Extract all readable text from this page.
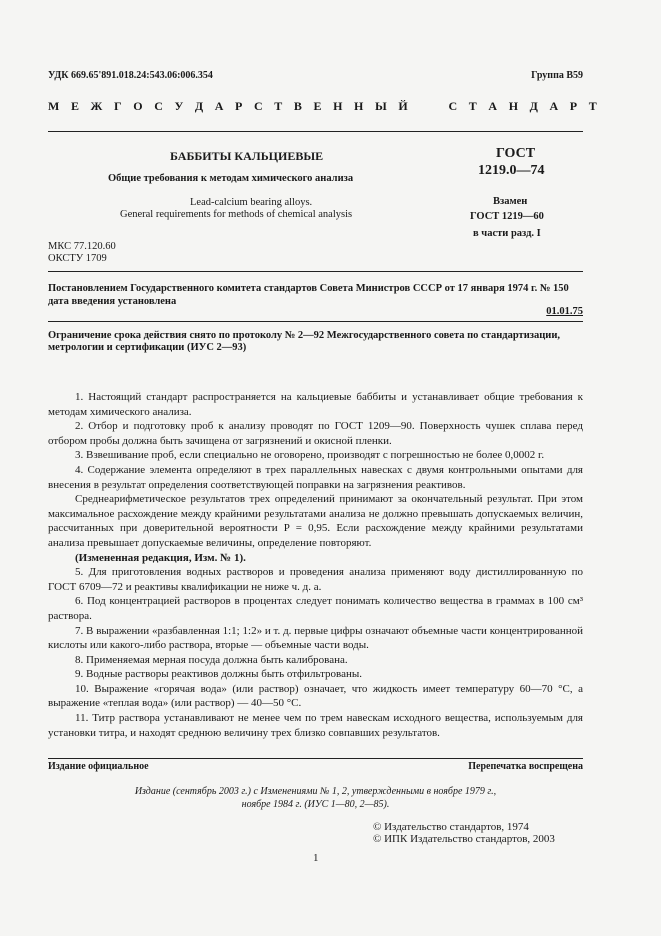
УДК 669.65'891.018.24:543.06:006.354	Группа В59
М Е Ж Г О С У Д А Р С Т В Е Н Н Ы Й

С Т А Н Д А Р Т
БАББИТЫ КАЛЬЦИЕВЫЕ
Общие требования к методам химического анализа
Lead-calcium bearing alloys.
General requirements for methods of chemical analysis
ГОСТ
1219.0—74
Взамен
ГОСТ 1219—60
в части разд. I
МКС 77.120.60
ОКСТУ 1709
Постановлением Государственного комитета стандартов Совета Министров СССР от 17 января 1974 г. № 150
дата введения установлена
01.01.75
Ограничение срока действия снято по протоколу № 2—92 Межгосударственного совета по стандартизации,
метрологии и сертификации (ИУС 2—93)

1. Настоящий стандарт распространяется на кальциевые баббиты и устанавливает общие требования к методам химического анализа.

2. Отбор и подготовку проб к анализу проводят по ГОСТ 1209—90. Поверхность чушек сплава перед отбором пробы должна быть зачищена от загрязнений и окисной пленки.

3. Взвешивание проб, если специально не оговорено, производят с погрешностью не более 0,0002 г.

4. Содержание элемента определяют в трех параллельных навесках с двумя контрольными опытами для внесения в результат определения соответствующей поправки на загрязнения реактивов.

Среднеарифметическое результатов трех определений принимают за окончательный результат. При этом максимальное расхождение между крайними результатами анализа не должно превышать допускаемых величин, рассчитанных при доверительной вероятности P = 0,95. Если расхождение между крайними результатами анализа превышает допускаемые величины, определение повторяют.

(Измененная редакция, Изм. № 1).

5. Для приготовления водных растворов и проведения анализа применяют воду дистиллированную по ГОСТ 6709—72 и реактивы квалификации не ниже ч. д. а.

6. Под концентрацией растворов в процентах следует понимать количество вещества в граммах в 100 см³ раствора.

7. В выражении «разбавленная 1:1; 1:2» и т. д. первые цифры означают объемные части концентрированной кислоты или какого-либо раствора, вторые — объемные части воды.

8. Применяемая мерная посуда должна быть калибрована.

9. Водные растворы реактивов должны быть отфильтрованы.

10. Выражение «горячая вода» (или раствор) означает, что жидкость имеет температуру 60—70 °С, а выражение «теплая вода» (или раствор) — 40—50 °С.

11. Титр раствора устанавливают не менее чем по трем навескам исходного вещества, используемым для установки титра, и находят среднюю величину трех близко совпавших результатов.

Издание официальное	Перепечатка воспрещена
Издание (сентябрь 2003 г.) с Изменениями № 1, 2, утвержденными в ноябре 1979 г.,
ноябре 1984 г. (ИУС 1—80, 2—85).
© Издательство стандартов, 1974
© ИПК Издательство стандартов, 2003
1
